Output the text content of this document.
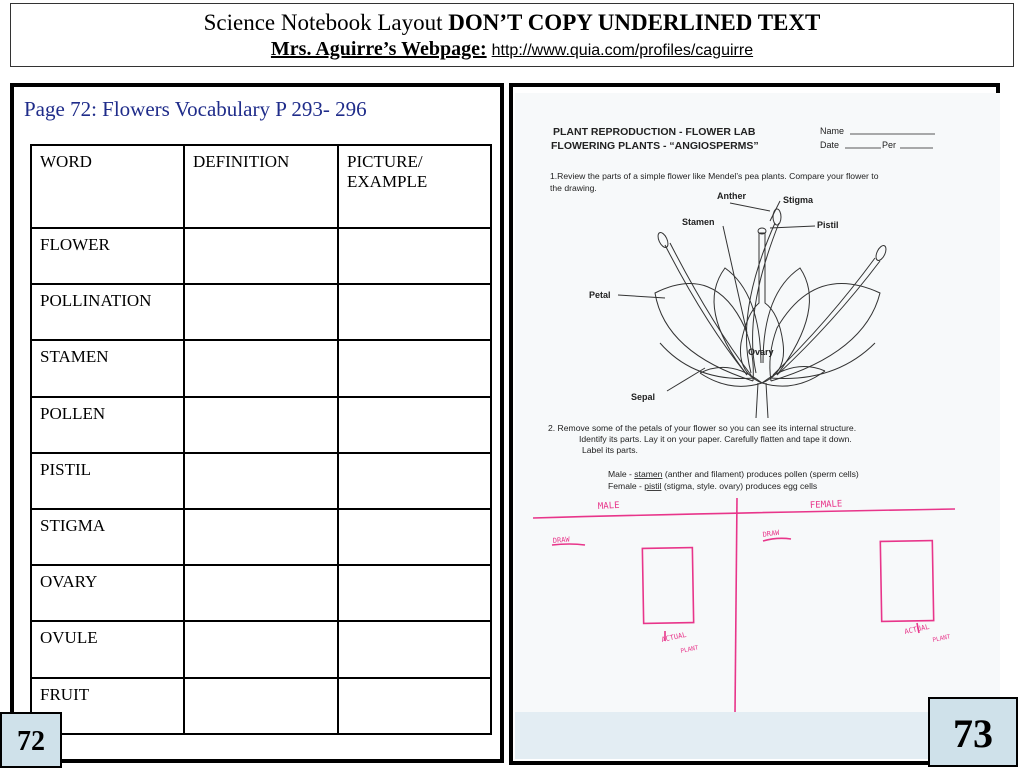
Science Notebook Layout DON’T COPY UNDERLINED TEXT
Mrs. Aguirre’s Webpage: http://www.quia.com/profiles/caguirre
Page 72: Flowers Vocabulary P 293- 296
WORD	DEFINITION	PICTURE/
EXAMPLE
FLOWER		
POLLINATION		
STAMEN		
POLLEN		
PISTIL		
STIGMA		
OVARY		
OVULE		
FRUIT		
72
PLANT REPRODUCTION - FLOWER LAB
FLOWERING PLANTS - “ANGIOSPERMS”
Name
Date	Per
1.Review the parts of a simple flower like Mendel’s pea plants. Compare your flower to
the drawing.
Anther	Stigma
Stamen	Pistil
Petal
Ovary
Sepal
2. Remove some of the petals of your flower so you can see its internal structure.
Identify its parts. Lay it on your paper. Carefully flatten and tape it down.
Label its parts.
Male - stamen (anther and filament) produces pollen (sperm cells)
Female - pistil (stigma, style. ovary) produces egg cells
MALE	FEMALE
DRAW
DRAW
ACTUAL
PLANT
ACTUAL
PLANT
73
